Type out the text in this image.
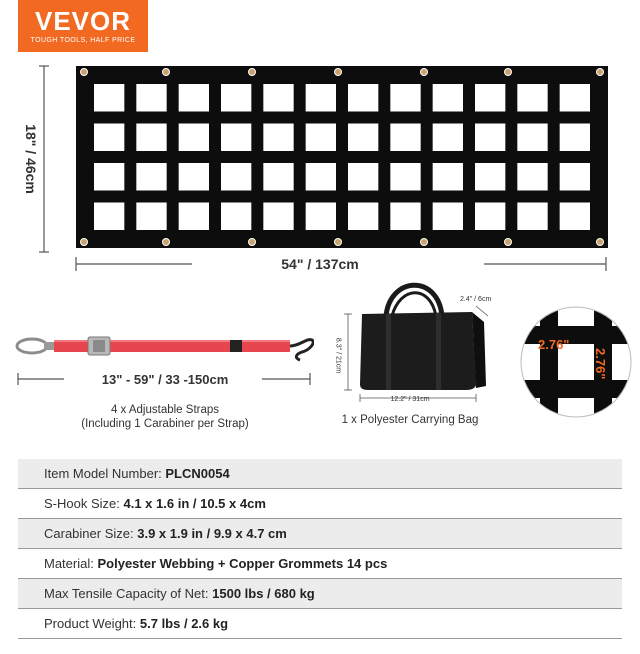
VEVOR
TOUGH TOOLS, HALF PRICE
18" / 46cm
54" / 137cm
13" - 59" / 33 -150cm
4 x Adjustable Straps
(Including 1 Carabiner per Strap)
2.4" / 6cm
8.3" / 21cm
12.2" / 31cm
1 x Polyester Carrying Bag
2.76"
2.76"
Item Model Number: PLCN0054
S-Hook Size: 4.1 x 1.6 in / 10.5 x 4cm
Carabiner Size: 3.9 x 1.9 in / 9.9 x 4.7 cm
Material: Polyester Webbing + Copper Grommets 14 pcs
Max Tensile Capacity of Net: 1500 lbs / 680 kg
Product Weight: 5.7 lbs / 2.6 kg
